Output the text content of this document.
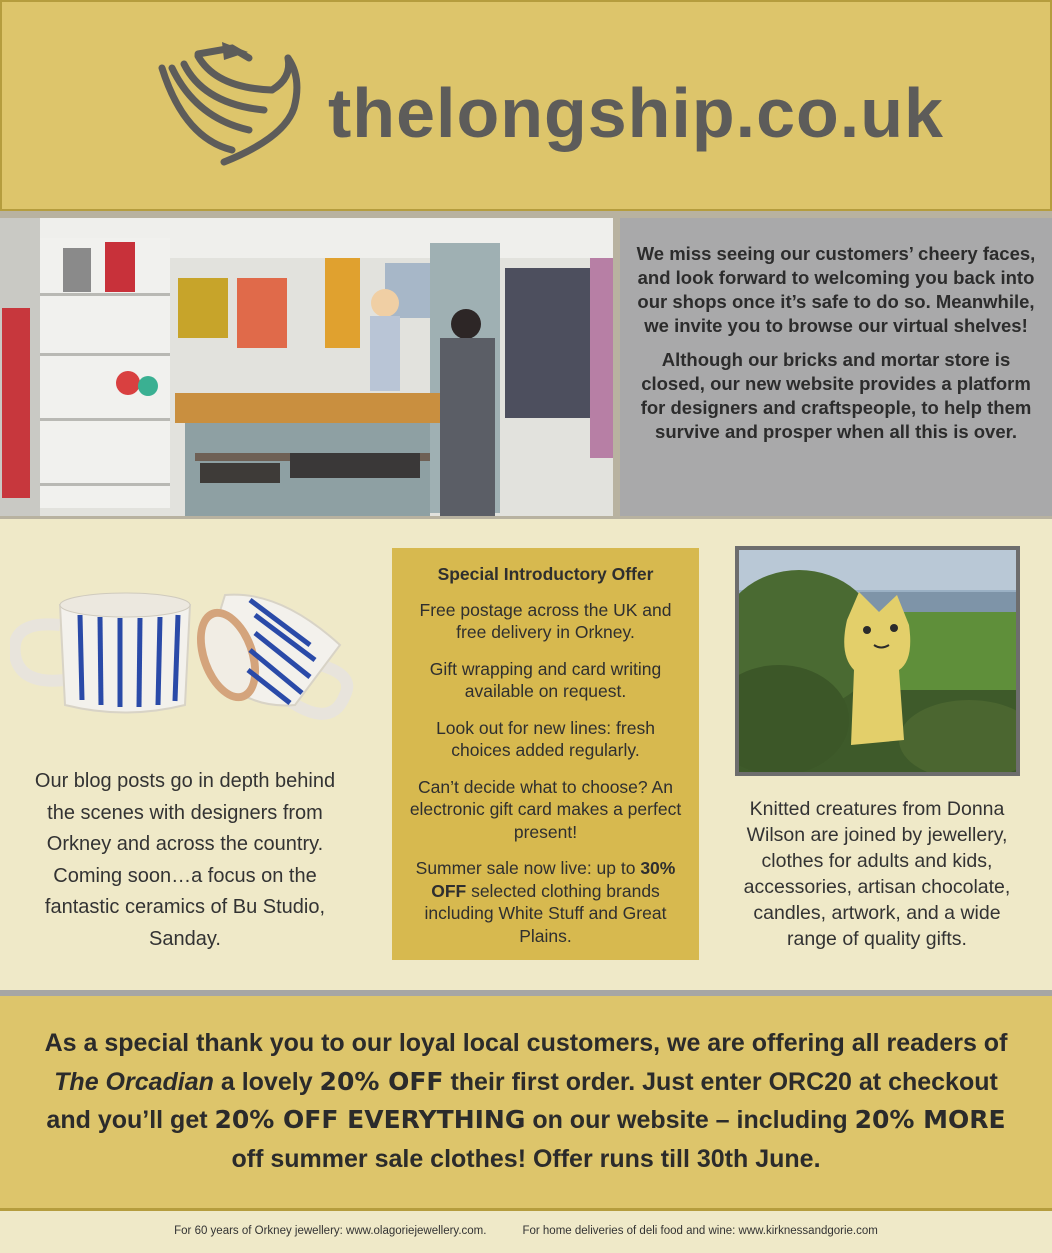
thelongship.co.uk

We miss seeing our customers’ cheery faces, and look forward to welcoming you back into our shops once it’s safe to do so. Meanwhile, we invite you to browse our virtual shelves!

Although our bricks and mortar store is closed, our new website provides a platform for designers and craftspeople, to help them survive and prosper when all this is over.

Our blog posts go in depth behind the scenes with designers from Orkney and across the country. Coming soon…a focus on the fantastic ceramics of Bu Studio, Sanday.
Special Introductory Offer

Free postage across the UK and free delivery in Orkney.

Gift wrapping and card writing available on request.

Look out for new lines: fresh choices added regularly.

Can’t decide what to choose? An electronic gift card makes a perfect present!

Summer sale now live: up to 30% OFF selected clothing brands including White Stuff and Great Plains.

Knitted creatures from Donna Wilson are joined by jewellery, clothes for adults and kids, accessories, artisan chocolate, candles, artwork, and a wide range of quality gifts.
As a special thank you to our loyal local customers, we are offering all readers of The Orcadian a lovely 20% OFF their first order. Just enter ORC20 at checkout and you’ll get 20% OFF EVERYTHING on our website – including 20% MORE off summer sale clothes! Offer runs till 30th June.
For 60 years of Orkney jewellery: www.olagoriejewellery.com.	For home deliveries of deli food and wine: www.kirknessandgorie.com
